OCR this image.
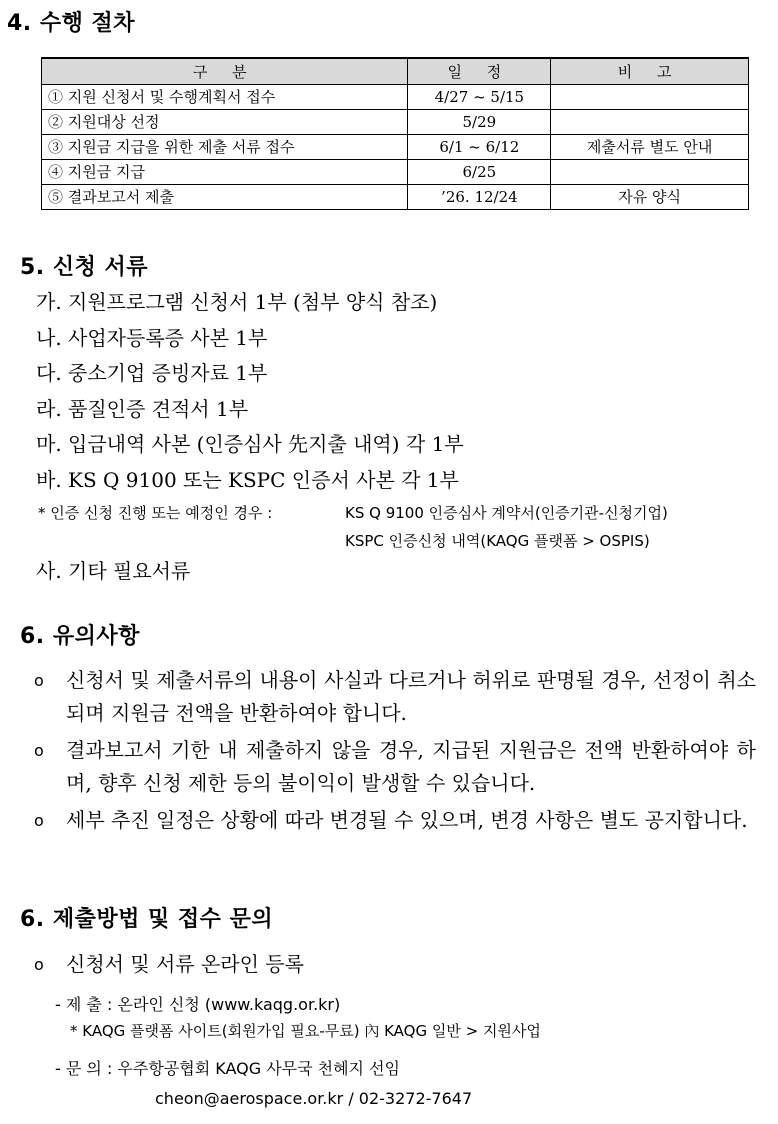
4. 수행 절차
구 분	일 정	비 고
① 지원 신청서 및 수행계획서 접수	4/27 ~ 5/15	
② 지원대상 선정	5/29	
③ 지원금 지급을 위한 제출 서류 접수	6/1 ~ 6/12	제출서류 별도 안내
④ 지원금 지급	6/25	
⑤ 결과보고서 제출	’26. 12/24	자유 양식
5. 신청 서류
가. 지원프로그램 신청서 1부 (첨부 양식 참조)
나. 사업자등록증 사본 1부
다. 중소기업 증빙자료 1부
라. 품질인증 견적서 1부
마. 입금내역 사본 (인증심사 先지출 내역) 각 1부
바. KS Q 9100 또는 KSPC 인증서 사본 각 1부
* 인증 신청 진행 또는 예정인 경우 :	KS Q 9100 인증심사 계약서(인증기관-신청기업)
KSPC 인증신청 내역(KAQG 플랫폼 > OSPIS)
사. 기타 필요서류
6. 유의사항
o 신청서 및 제출서류의 내용이 사실과 다르거나 허위로 판명될 경우, 선정이 취소되며 지원금 전액을 반환하여야 합니다.
o 결과보고서 기한 내 제출하지 않을 경우, 지급된 지원금은 전액 반환하여야 하며, 향후 신청 제한 등의 불이익이 발생할 수 있습니다.
o 세부 추진 일정은 상황에 따라 변경될 수 있으며, 변경 사항은 별도 공지합니다.
6. 제출방법 및 접수 문의
o 신청서 및 서류 온라인 등록
- 제 출 : 온라인 신청 (www.kaqg.or.kr)
* KAQG 플랫폼 사이트(회원가입 필요-무료) 內 KAQG 일반 > 지원사업
- 문 의 : 우주항공협회 KAQG 사무국 천혜지 선임
cheon@aerospace.or.kr / 02-3272-7647
